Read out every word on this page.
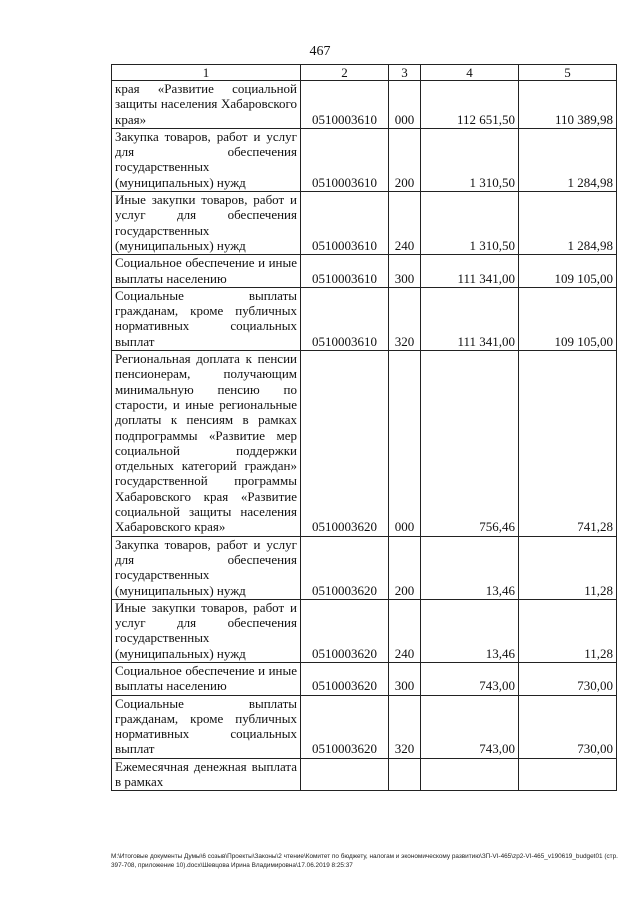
467
1	2	3	4	5
края «Развитие социальной защиты населения Хабаровского края»	0510003610	000	112 651,50	110 389,98
Закупка товаров, работ и услуг для обеспечения государственных (муниципальных) нужд	0510003610	200	1 310,50	1 284,98
Иные закупки товаров, работ и услуг для обеспечения государственных (муниципальных) нужд	0510003610	240	1 310,50	1 284,98
Социальное обеспечение и иные выплаты населению	0510003610	300	111 341,00	109 105,00
Социальные выплаты гражданам, кроме публичных нормативных социальных выплат	0510003610	320	111 341,00	109 105,00
Региональная доплата к пенсии пенсионерам, получающим минимальную пенсию по старости, и иные региональные доплаты к пенсиям в рамках подпрограммы «Развитие мер социальной поддержки отдельных категорий граждан» государственной программы Хабаровского края «Развитие социальной защиты населения Хабаровского края»	0510003620	000	756,46	741,28
Закупка товаров, работ и услуг для обеспечения государственных (муниципальных) нужд	0510003620	200	13,46	11,28
Иные закупки товаров, работ и услуг для обеспечения государственных (муниципальных) нужд	0510003620	240	13,46	11,28
Социальное обеспечение и иные выплаты населению	0510003620	300	743,00	730,00
Социальные выплаты гражданам, кроме публичных нормативных социальных выплат	0510003620	320	743,00	730,00
Ежемесячная денежная выплата в рамках				
M:\Итоговые документы Думы\6 созыв\Проекты\Законы\2 чтение\Комитет по бюджету, налогам и экономическому развитию\ЗП-VI-465\zp2-VI-465_v190619_budget01 (стр.397-708, приложение 10).docx\Шевцова Ирина Владимировна\17.06.2019 8:25:37
